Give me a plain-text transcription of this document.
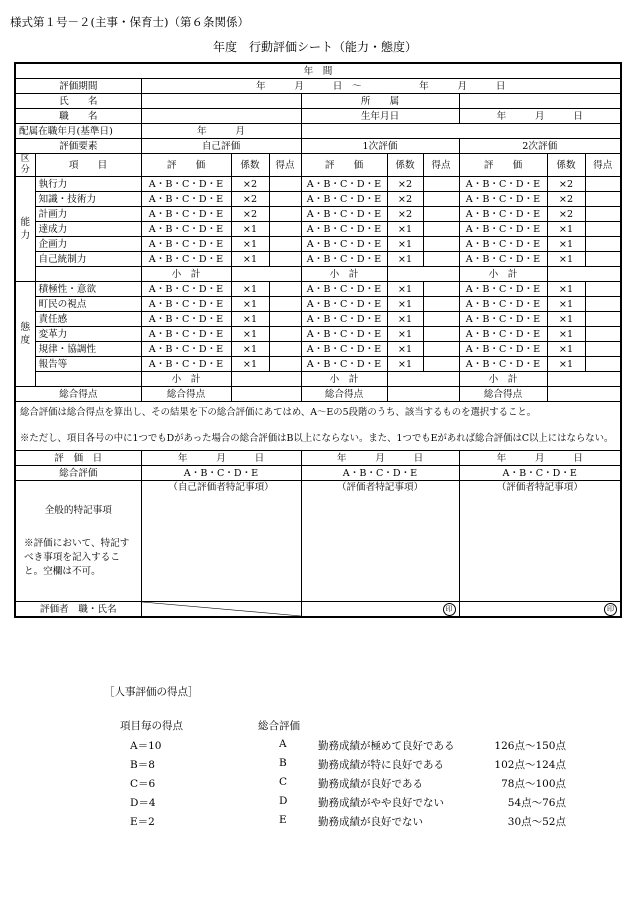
様式第１号－２(主事・保育士)（第６条関係）
年度　行動評価シート（能力・態度）
年　間										
評価期間		年　　　月　　　日　～　　　　　　年　　　月　　　日								
氏　　名					所　　属					
職　　名					生年月日			年　　　月　　　日		
配属在職年月(基準日)		年　　　月								
評価要素		自己評価			1次評価			2次評価		
区分	項　　目	評　　価	係数	得点	評　　価	係数	得点	評　　価	係数	得点
能力	執行力	A・B・C・D・E	×2		A・B・C・D・E	×2		A・B・C・D・E	×2	
	知識・技術力	A・B・C・D・E	×2		A・B・C・D・E	×2		A・B・C・D・E	×2	
	計画力	A・B・C・D・E	×2		A・B・C・D・E	×2		A・B・C・D・E	×2	
	達成力	A・B・C・D・E	×1		A・B・C・D・E	×1		A・B・C・D・E	×1	
	企画力	A・B・C・D・E	×1		A・B・C・D・E	×1		A・B・C・D・E	×1	
	自己統制力	A・B・C・D・E	×1		A・B・C・D・E	×1		A・B・C・D・E	×1	
		小　計			小　計			小　計		
態度	積極性・意欲	A・B・C・D・E	×1		A・B・C・D・E	×1		A・B・C・D・E	×1	
	町民の視点	A・B・C・D・E	×1		A・B・C・D・E	×1		A・B・C・D・E	×1	
	責任感	A・B・C・D・E	×1		A・B・C・D・E	×1		A・B・C・D・E	×1	
	変革力	A・B・C・D・E	×1		A・B・C・D・E	×1		A・B・C・D・E	×1	
	規律・協調性	A・B・C・D・E	×1		A・B・C・D・E	×1		A・B・C・D・E	×1	
	報告等	A・B・C・D・E	×1		A・B・C・D・E	×1		A・B・C・D・E	×1	
		小　計			小　計			小　計		
総合得点		総合得点			総合得点			総合得点		

総合評価は総合得点を算出し、その結果を下の総合評価にあてはめ、A～Eの5段階のうち、該当するものを選択すること。
※ただし、項目各号の中に1つでもDがあった場合の総合評価はB以上にならない。また、1つでもEがあれば総合評価はC以上にはならない。										

評　価　日		年　　　月　　　日			年　　　月　　　日			年　　　月　　　日		
総合評価		A・B・C・D・E			A・B・C・D・E			A・B・C・D・E		

全般的特記事項
※評価において、特記すべき事項を記入すること。空欄は不可。		（自己評価者特記事項）			（評価者特記事項）			（評価者特記事項）		
評価者　職・氏名					印			印		
［人事評価の得点］
項目毎の得点	総合評価
A＝10	A	勤務成績が極めて良好である	126点～150点
B＝8	B	勤務成績が特に良好である	102点～124点
C＝6	C	勤務成績が良好である	78点～100点
D＝4	D	勤務成績がやや良好でない	54点～76点
E＝2	E	勤務成績が良好でない	30点～52点
